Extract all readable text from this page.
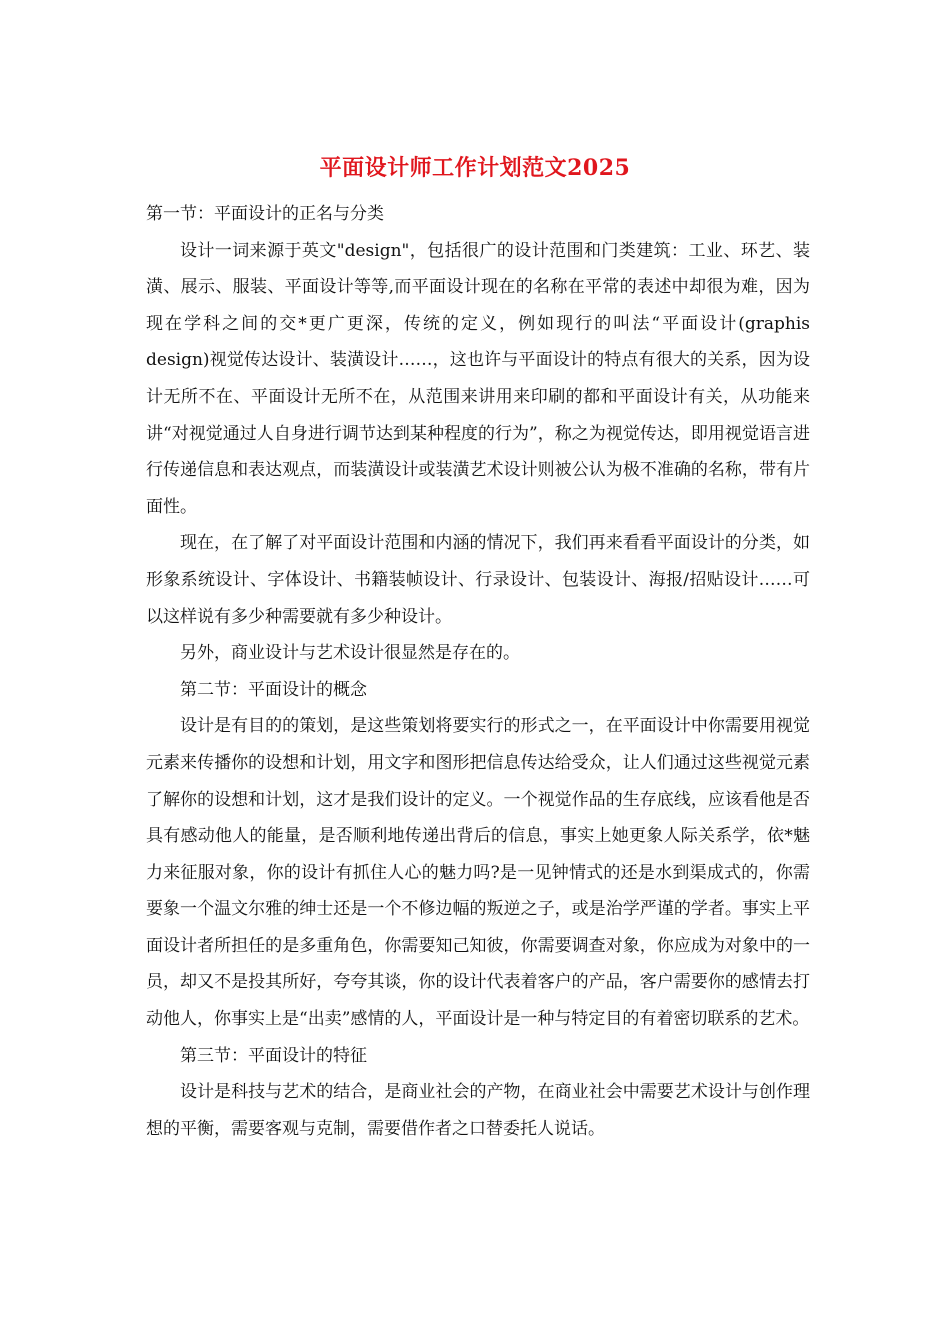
平面设计师工作计划范文2025

第一节：平面设计的正名与分类

设计一词来源于英文"design"，包括很广的设计范围和门类建筑：工业、环艺、装潢、展示、服装、平面设计等等,而平面设计现在的名称在平常的表述中却很为难，因为现在学科之间的交*更广更深，传统的定义，例如现行的叫法“平面设计(graphis design)视觉传达设计、装潢设计……，这也许与平面设计的特点有很大的关系，因为设计无所不在、平面设计无所不在，从范围来讲用来印刷的都和平面设计有关，从功能来讲“对视觉通过人自身进行调节达到某种程度的行为”，称之为视觉传达，即用视觉语言进行传递信息和表达观点，而装潢设计或装潢艺术设计则被公认为极不准确的名称，带有片面性。

现在，在了解了对平面设计范围和内涵的情况下，我们再来看看平面设计的分类，如形象系统设计、字体设计、书籍装帧设计、行录设计、包装设计、海报/招贴设计……可以这样说有多少种需要就有多少种设计。

另外，商业设计与艺术设计很显然是存在的。

第二节：平面设计的概念

设计是有目的的策划，是这些策划将要实行的形式之一，在平面设计中你需要用视觉元素来传播你的设想和计划，用文字和图形把信息传达给受众，让人们通过这些视觉元素了解你的设想和计划，这才是我们设计的定义。一个视觉作品的生存底线，应该看他是否具有感动他人的能量，是否顺利地传递出背后的信息，事实上她更象人际关系学，依*魅力来征服对象，你的设计有抓住人心的魅力吗?是一见钟情式的还是水到渠成式的，你需要象一个温文尔雅的绅士还是一个不修边幅的叛逆之子，或是治学严谨的学者。事实上平面设计者所担任的是多重角色，你需要知己知彼，你需要调查对象，你应成为对象中的一员，却又不是投其所好，夸夸其谈，你的设计代表着客户的产品，客户需要你的感情去打动他人，你事实上是“出卖”感情的人，平面设计是一种与特定目的有着密切联系的艺术。

第三节：平面设计的特征

设计是科技与艺术的结合，是商业社会的产物，在商业社会中需要艺术设计与创作理想的平衡，需要客观与克制，需要借作者之口替委托人说话。
